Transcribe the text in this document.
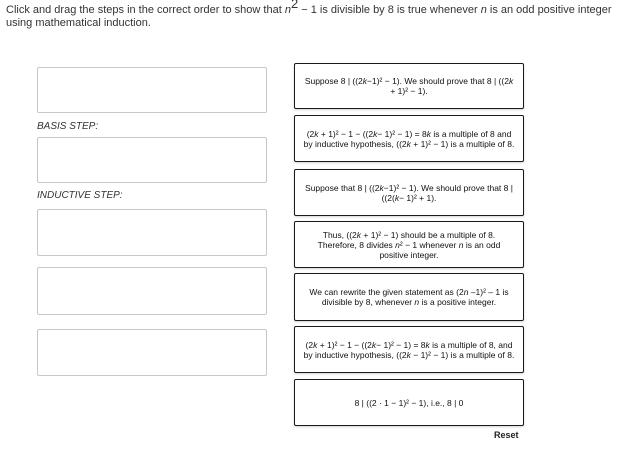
Click and drag the steps in the correct order to show that $n^2 - 1$ is divisible by 8 is true whenever n is an odd positive integer using mathematical induction.
BASIS STEP:
INDUCTIVE STEP:
Suppose 8 | ((2k−1)² − 1). We should prove that 8 | ((2k + 1)² − 1).
(2k + 1)² − 1 − ((2k− 1)² − 1) = 8k is a multiple of 8 and by inductive hypothesis, ((2k + 1)² − 1) is a multiple of 8.
Suppose that 8 | ((2k−1)² − 1). We should prove that 8 | ((2(k− 1)² + 1).
Thus, ((2k + 1)² − 1) should be a multiple of 8. Therefore, 8 divides n² − 1 whenever n is an odd positive integer.
We can rewrite the given statement as (2n –1)² – 1 is divisible by 8, whenever n is a positive integer.
(2k + 1)² − 1 − ((2k− 1)² − 1) = 8k is a multiple of 8, and by inductive hypothesis, ((2k − 1)² − 1) is a multiple of 8.
8 | ((2 · 1 − 1)² − 1), i.e., 8 | 0
Reset
